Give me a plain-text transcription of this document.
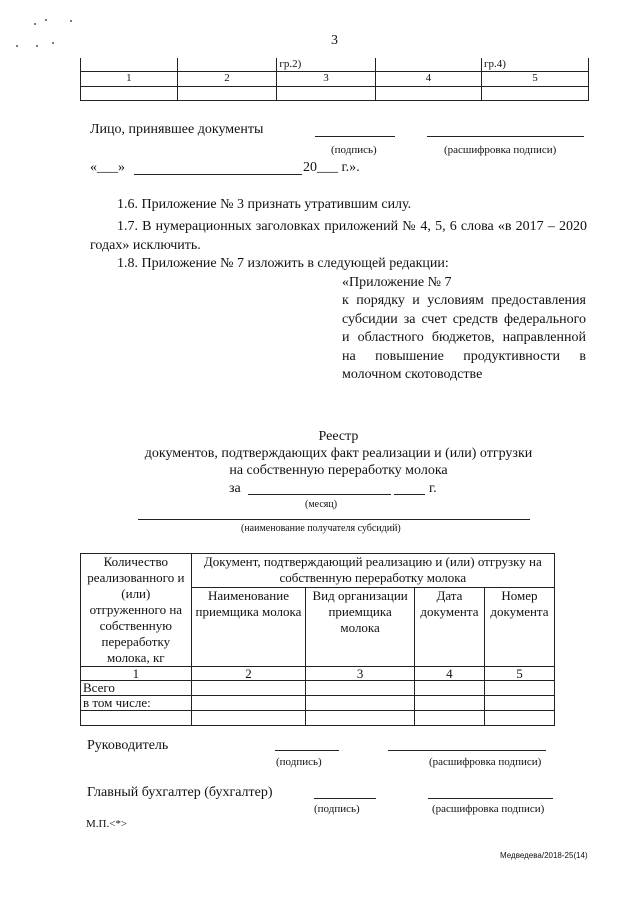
3
		гр.2)		гр.4)
1	2	3	4	5

Лицо, принявшее документы
(подпись)	(расшифровка подписи)
«___»	20___ г.».
1.6. Приложение № 3 признать утратившим силу.
1.7. В нумерационных заголовках приложений № 4, 5, 6 слова «в 2017 – 2020 годах» исключить.
1.8. Приложение № 7 изложить в следующей редакции:
«Приложение № 7
к порядку и условиям предоставления субсидии за счет средств федерального и областного бюджетов, направленной на повышение продуктивности в молочном скотоводстве
Реестр
документов, подтверждающих факт реализации и (или) отгрузки
на собственную переработку молока
за	г.
(месяц)
(наименование получателя субсидий)
Количество реализованного и (или) отгруженного на собственную переработку молока, кг	Документ, подтверждающий реализацию и (или) отгрузку на собственную переработку молока			
	Наименование приемщика молока	Вид организации приемщика молока	Дата документа	Номер документа
1	2	3	4	5
Всего				
в том числе:				

Руководитель
(подпись)	(расшифровка подписи)
Главный бухгалтер (бухгалтер)
(подпись)	(расшифровка подписи)
М.П.<*>
Медведева/2018-25(14)
